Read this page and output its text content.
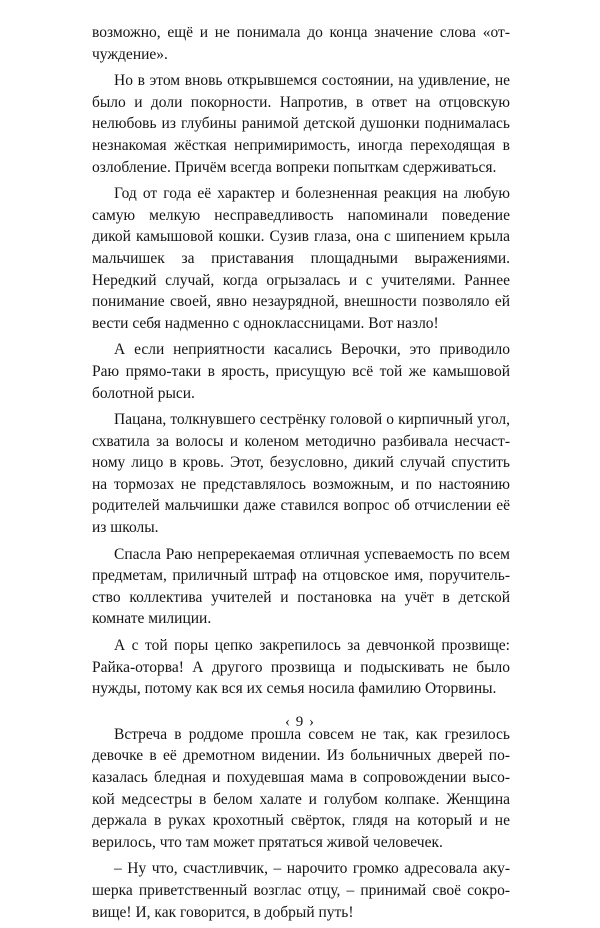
возможно, ещё и не понимала до конца значение слова «отчуждение».

Но в этом вновь открывшемся состоянии, на удивление, не было и доли покорности. Напротив, в ответ на отцовскую нелюбовь из глубины ранимой детской душонки поднималась незнакомая жёсткая непримиримость, иногда переходящая в озлобление. Причём всегда вопреки попыткам сдерживаться.

Год от года её характер и болезненная реакция на любую самую мелкую несправедливость напоминали поведение дикой камышовой кошки. Сузив глаза, она с шипением крыла мальчишек за приставания площадными выражениями. Нередкий случай, когда огрызалась и с учителями. Раннее понимание своей, явно незаурядной, внешности позволяло ей вести себя надменно с одноклассницами. Вот назло!

А если неприятности касались Верочки, это приводило Раю прямо-таки в ярость, присущую всё той же камышовой болотной рыси.

Пацана, толкнувшего сестрёнку головой о кирпичный угол, схватила за волосы и коленом методично разбивала несчастному лицо в кровь. Этот, безусловно, дикий случай спустить на тормозах не представлялось возможным, и по настоянию родителей мальчишки даже ставился вопрос об отчислении её из школы.

Спасла Раю непререкаемая отличная успеваемость по всем предметам, приличный штраф на отцовское имя, поручительство коллектива учителей и постановка на учёт в детской комнате милиции.

А с той поры цепко закрепилось за девчонкой прозвище: Райка-оторва! А другого прозвища и подыскивать не было нужды, потому как вся их семья носила фамилию Оторвины.

Встреча в роддоме прошла совсем не так, как грезилось девочке в её дремотном видении. Из больничных дверей показалась бледная и похудевшая мама в сопровождении высокой медсестры в белом халате и голубом колпаке. Женщина держала в руках крохотный свёрток, глядя на который и не верилось, что там может прятаться живой человечек.

– Ну что, счастливчик, – нарочито громко адресовала акушерка приветственный возглас отцу, – принимай своё сокровище! И, как говорится, в добрый путь!

‹ 9 ›
